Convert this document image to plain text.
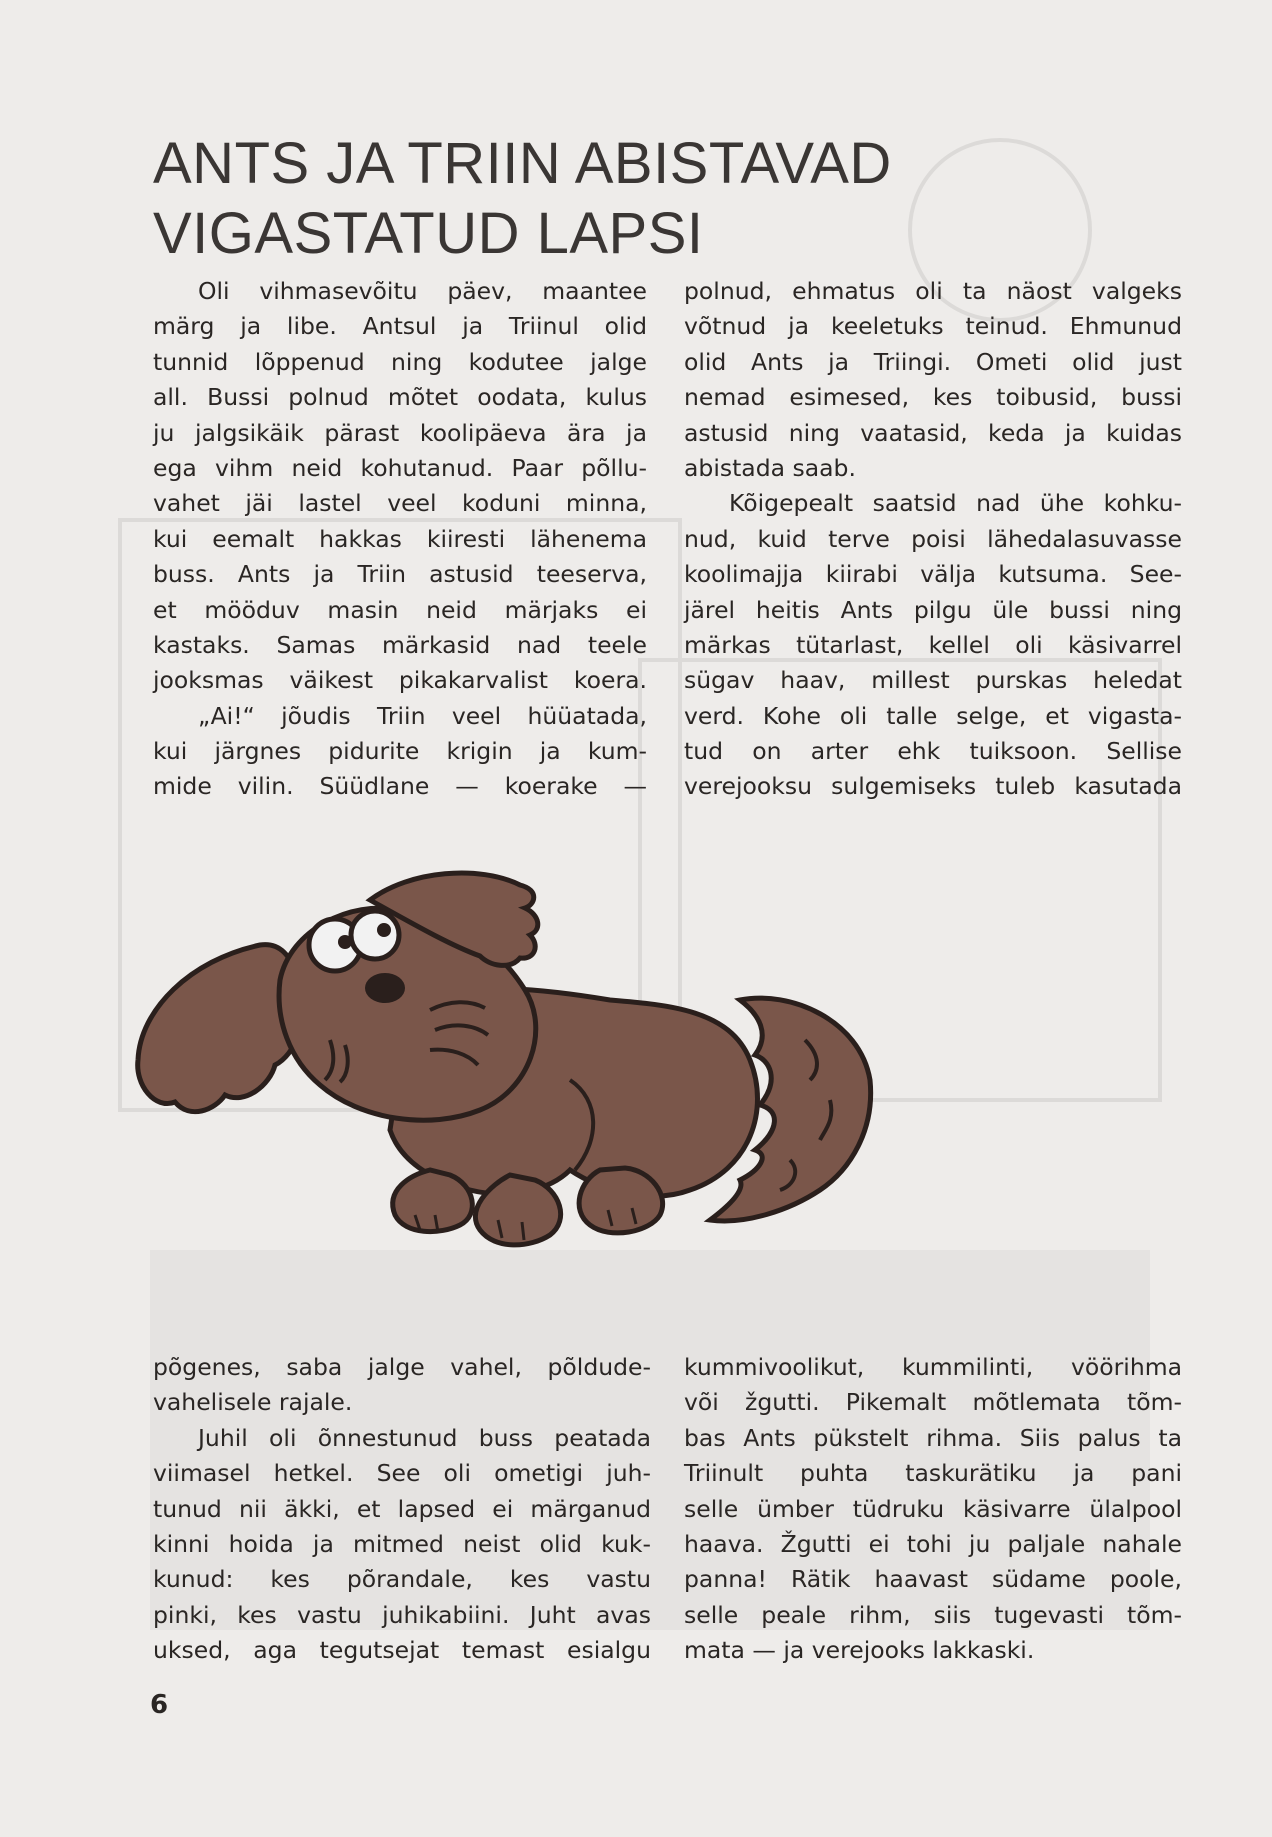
ANTS JA TRIIN ABISTAVAD
VIGASTATUD LAPSI
Oli vihmasevõitu päev, maantee
märg ja libe. Antsul ja Triinul olid
tunnid lõppenud ning kodutee jalge
all. Bussi polnud mõtet oodata, kulus
ju jalgsikäik pärast koolipäeva ära ja
ega vihm neid kohutanud. Paar põllu-
vahet jäi lastel veel koduni minna,
kui eemalt hakkas kiiresti lähenema
buss. Ants ja Triin astusid teeserva,
et mööduv masin neid märjaks ei
kastaks. Samas märkasid nad teele
jooksmas väikest pikakarvalist koera.
„Ai!“ jõudis Triin veel hüüatada,
kui järgnes pidurite krigin ja kum-
mide vilin. Süüdlane — koerake —
polnud, ehmatus oli ta näost valgeks
võtnud ja keeletuks teinud. Ehmunud
olid Ants ja Triingi. Ometi olid just
nemad esimesed, kes toibusid, bussi
astusid ning vaatasid, keda ja kuidas
abistada saab.
Kõigepealt saatsid nad ühe kohku-
nud, kuid terve poisi lähedalasuvasse
koolimajja kiirabi välja kutsuma. See-
järel heitis Ants pilgu üle bussi ning
märkas tütarlast, kellel oli käsivarrel
sügav haav, millest purskas heledat
verd. Kohe oli talle selge, et vigasta-
tud on arter ehk tuiksoon. Sellise
verejooksu sulgemiseks tuleb kasutada
põgenes, saba jalge vahel, põldude-
vahelisele rajale.
Juhil oli õnnestunud buss peatada
viimasel hetkel. See oli ometigi juh-
tunud nii äkki, et lapsed ei märganud
kinni hoida ja mitmed neist olid kuk-
kunud: kes põrandale, kes vastu
pinki, kes vastu juhikabiini. Juht avas
uksed, aga tegutsejat temast esialgu
kummivoolikut, kummilinti, vöörihma
või žgutti. Pikemalt mõtlemata tõm-
bas Ants pükstelt rihma. Siis palus ta
Triinult puhta taskurätiku ja pani
selle ümber tüdruku käsivarre ülalpool
haava. Žgutti ei tohi ju paljale nahale
panna! Rätik haavast südame poole,
selle peale rihm, siis tugevasti tõm-
mata — ja verejooks lakkaski.
6
